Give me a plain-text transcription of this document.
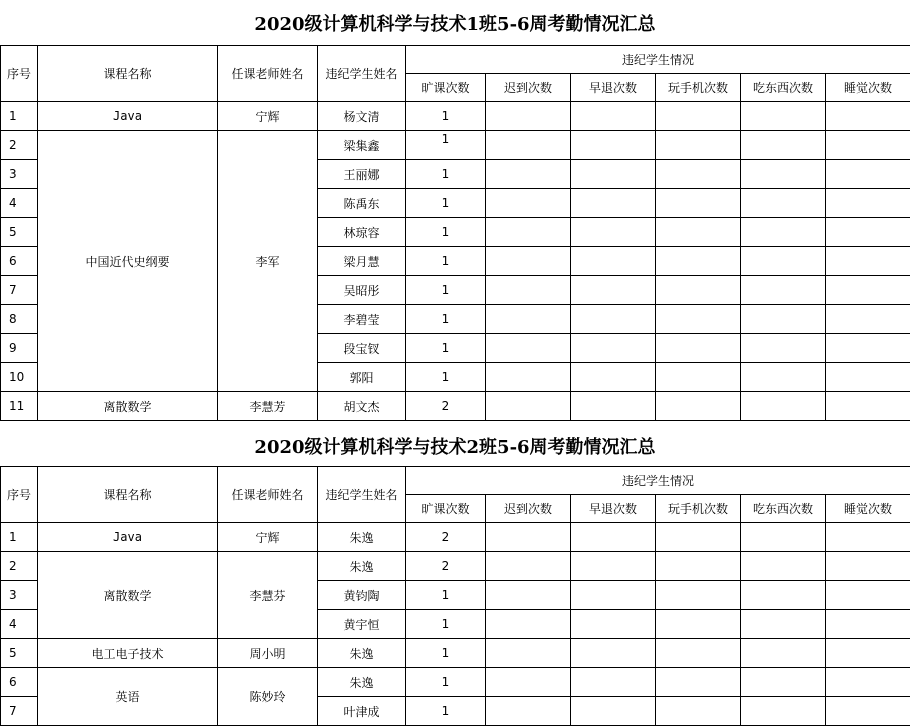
2020级计算机科学与技术1班5-6周考勤情况汇总
序号	课程名称	任课老师姓名	违纪学生姓名	违纪学生情况					
				旷课次数	迟到次数	早退次数	玩手机次数	吃东西次数	睡觉次数
1	Java	宁辉	杨文清	1					
2	中国近代史纲要	李军	梁集鑫	1					
3			王丽娜	1					
4			陈禹东	1					
5			林琼容	1					
6			梁月慧	1					
7			吴昭彤	1					
8			李碧莹	1					
9			段宝钗	1					
10			郭阳	1					
11	离散数学	李慧芳	胡文杰	2					
2020级计算机科学与技术2班5-6周考勤情况汇总
序号	课程名称	任课老师姓名	违纪学生姓名	违纪学生情况					
				旷课次数	迟到次数	早退次数	玩手机次数	吃东西次数	睡觉次数
1	Java	宁辉	朱逸	2					
2	离散数学	李慧芬	朱逸	2					
3			黄钧陶	1					
4			黄宇恒	1					
5	电工电子技术	周小明	朱逸	1					
6	英语	陈妙玲	朱逸	1					
7			叶津成	1					
